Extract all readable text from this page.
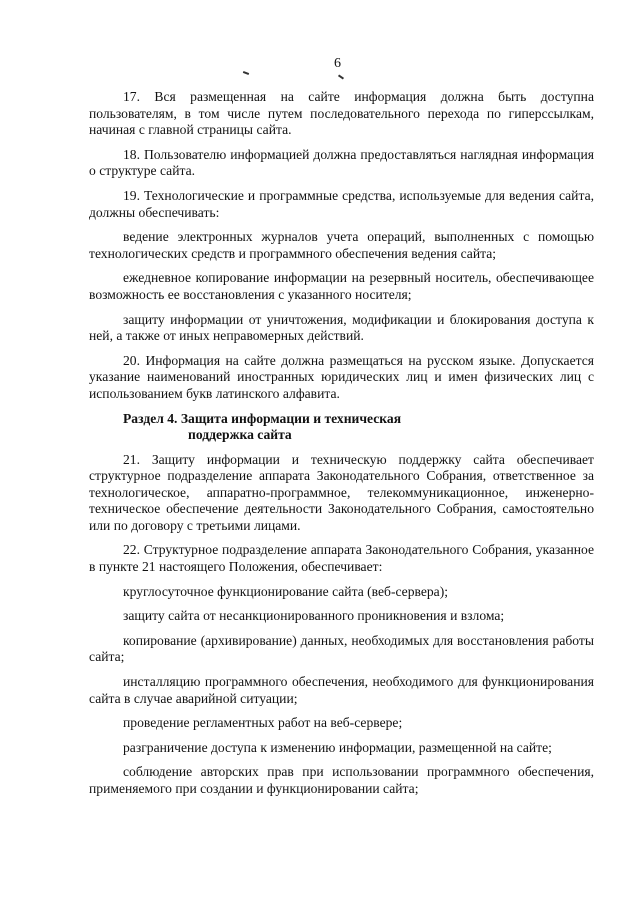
6

17. Вся размещенная на сайте информация должна быть доступна пользователям, в том числе путем последовательного перехода по гиперссылкам, начиная с главной страницы сайта.

18. Пользователю информацией должна предоставляться наглядная информация о структуре сайта.

19. Технологические и программные средства, используемые для ведения сайта, должны обеспечивать:

ведение электронных журналов учета операций, выполненных с помощью технологических средств и программного обеспечения ведения сайта;

ежедневное копирование информации на резервный носитель, обеспечивающее возможность ее восстановления с указанного носителя;

защиту информации от уничтожения, модификации и блокирования доступа к ней, а также от иных неправомерных действий.

20. Информация на сайте должна размещаться на русском языке. Допускается указание наименований иностранных юридических лиц и имен физических лиц с использованием букв латинского алфавита.

Раздел 4. Защита информации и техническая
поддержка сайта

21. Защиту информации и техническую поддержку сайта обеспечивает структурное подразделение аппарата Законодательного Собрания, ответственное за технологическое, аппаратно-программное, телекоммуникационное, инженерно-техническое обеспечение деятельности Законодательного Собрания, самостоятельно или по договору с третьими лицами.

22. Структурное подразделение аппарата Законодательного Собрания, указанное в пункте 21 настоящего Положения, обеспечивает:

круглосуточное функционирование сайта (веб-сервера);

защиту сайта от несанкционированного проникновения и взлома;

копирование (архивирование) данных, необходимых для восстановления работы сайта;

инсталляцию программного обеспечения, необходимого для функционирования сайта в случае аварийной ситуации;

проведение регламентных работ на веб-сервере;

разграничение доступа к изменению информации, размещенной на сайте;

соблюдение авторских прав при использовании программного обеспечения, применяемого при создании и функционировании сайта;
